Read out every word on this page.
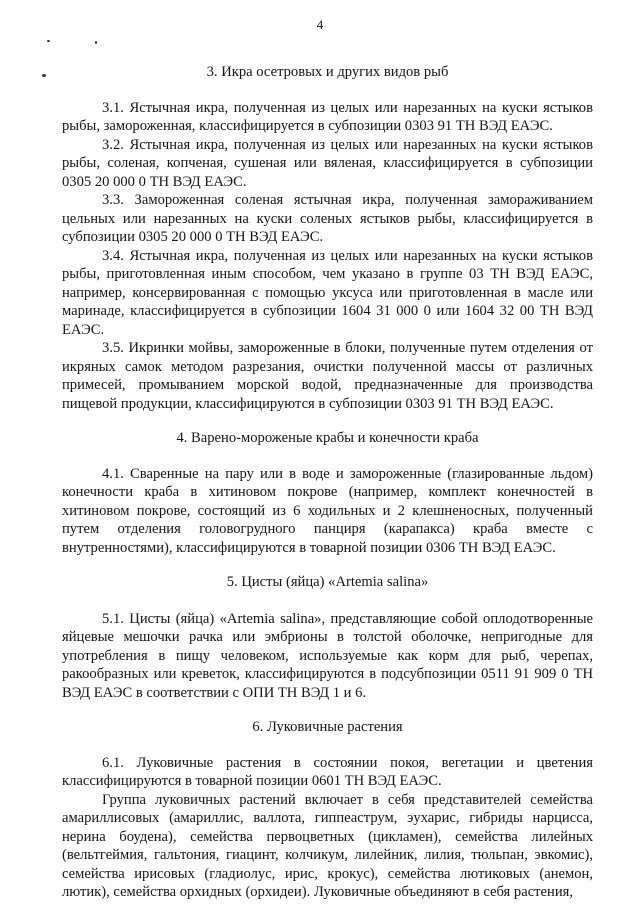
4
3. Икра осетровых и других видов рыб

3.1. Ястычная икра, полученная из целых или нарезанных на куски ястыков рыбы, замороженная, классифицируется в субпозиции 0303 91 ТН ВЭД ЕАЭС.

3.2. Ястычная икра, полученная из целых или нарезанных на куски ястыков рыбы, соленая, копченая, сушеная или вяленая, классифицируется в субпозиции 0305 20 000 0 ТН ВЭД ЕАЭС.

3.3. Замороженная соленая ястычная икра, полученная замораживанием цельных или нарезанных на куски соленых ястыков рыбы, классифицируется в субпозиции 0305 20 000 0 ТН ВЭД ЕАЭС.

3.4. Ястычная икра, полученная из целых или нарезанных на куски ястыков рыбы, приготовленная иным способом, чем указано в группе 03 ТН ВЭД ЕАЭС, например, консервированная с помощью уксуса или приготовленная в масле или маринаде, классифицируется в субпозиции 1604 31 000 0 или 1604 32 00 ТН ВЭД ЕАЭС.

3.5. Икринки мойвы, замороженные в блоки, полученные путем отделения от икряных самок методом разрезания, очистки полученной массы от различных примесей, промыванием морской водой, предназначенные для производства пищевой продукции, классифицируются в субпозиции 0303 91 ТН ВЭД ЕАЭС.

4. Варено-мороженые крабы и конечности краба

4.1. Сваренные на пару или в воде и замороженные (глазированные льдом) конечности краба в хитиновом покрове (например, комплект конечностей в хитиновом покрове, состоящий из 6 ходильных и 2 клешненосных, полученный путем отделения головогрудного панциря (карапакса) краба вместе с внутренностями), классифицируются в товарной позиции 0306 ТН ВЭД ЕАЭС.

5. Цисты (яйца) «Artemia salina»

5.1. Цисты (яйца) «Artemia salina», представляющие собой оплодотворенные яйцевые мешочки рачка или эмбрионы в толстой оболочке, непригодные для употребления в пищу человеком, используемые как корм для рыб, черепах, ракообразных или креветок, классифицируются в подсубпозиции 0511 91 909 0 ТН ВЭД ЕАЭС в соответствии с ОПИ ТН ВЭД 1 и 6.

6. Луковичные растения

6.1. Луковичные растения в состоянии покоя, вегетации и цветения классифицируются в товарной позиции 0601 ТН ВЭД ЕАЭС.

Группа луковичных растений включает в себя представителей семейства амариллисовых (амариллис, валлота, гиппеаструм, эухарис, гибриды нарцисса, нерина боудена), семейства первоцветных (цикламен), семейства лилейных (вельтгеймия, гальтония, гиацинт, колчикум, лилейник, лилия, тюльпан, эвкомис), семейства ирисовых (гладиолус, ирис, крокус), семейства лютиковых (анемон, лютик), семейства орхидных (орхидеи). Луковичные объединяют в себя растения,
